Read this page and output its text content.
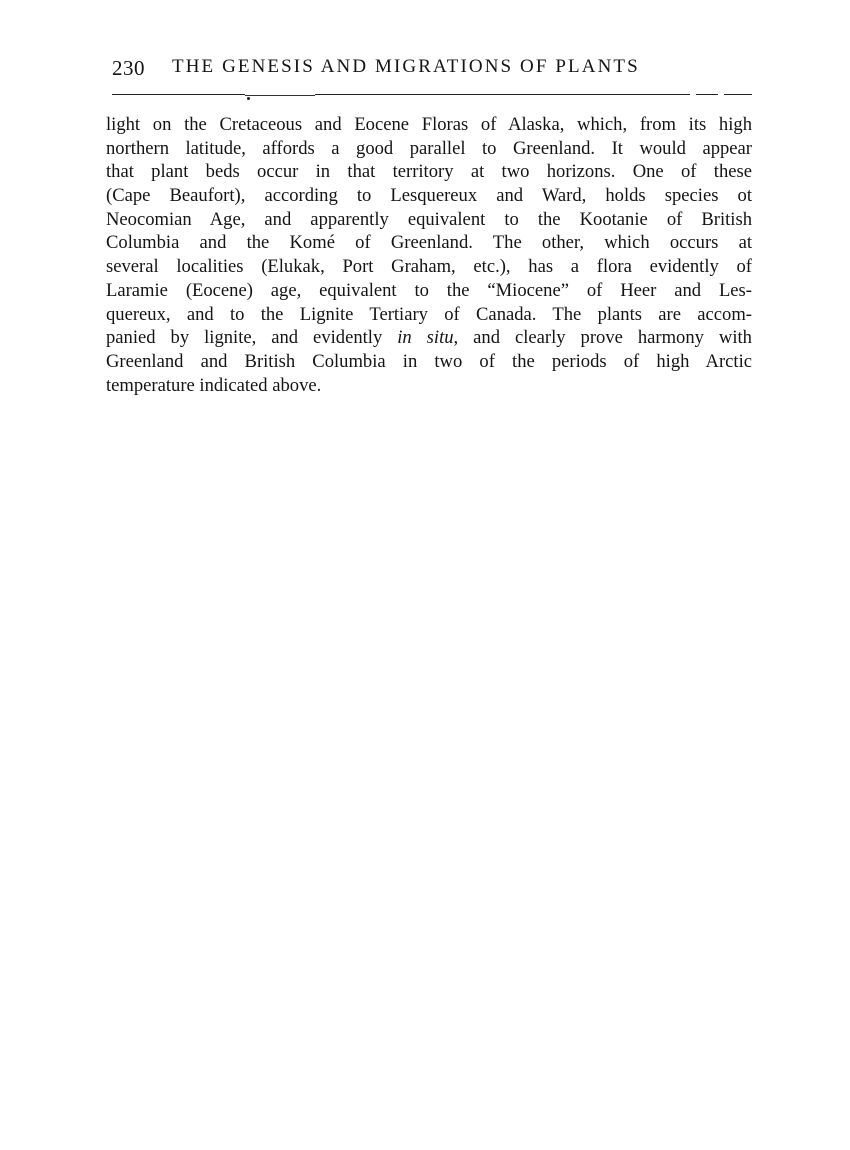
230 THE GENESIS AND MIGRATIONS OF PLANTS
light on the Cretaceous and Eocene Floras of Alaska, which, from its high
northern latitude, affords a good parallel to Greenland. It would appear
that plant beds occur in that territory at two horizons. One of these
(Cape Beaufort), according to Lesquereux and Ward, holds species ot
Neocomian Age, and apparently equivalent to the Kootanie of British
Columbia and the Komé of Greenland. The other, which occurs at
several localities (Elukak, Port Graham, etc.), has a flora evidently of
Laramie (Eocene) age, equivalent to the “Miocene” of Heer and Les-
quereux, and to the Lignite Tertiary of Canada. The plants are accom-
panied by lignite, and evidently in situ, and clearly prove harmony with
Greenland and British Columbia in two of the periods of high Arctic
temperature indicated above.
